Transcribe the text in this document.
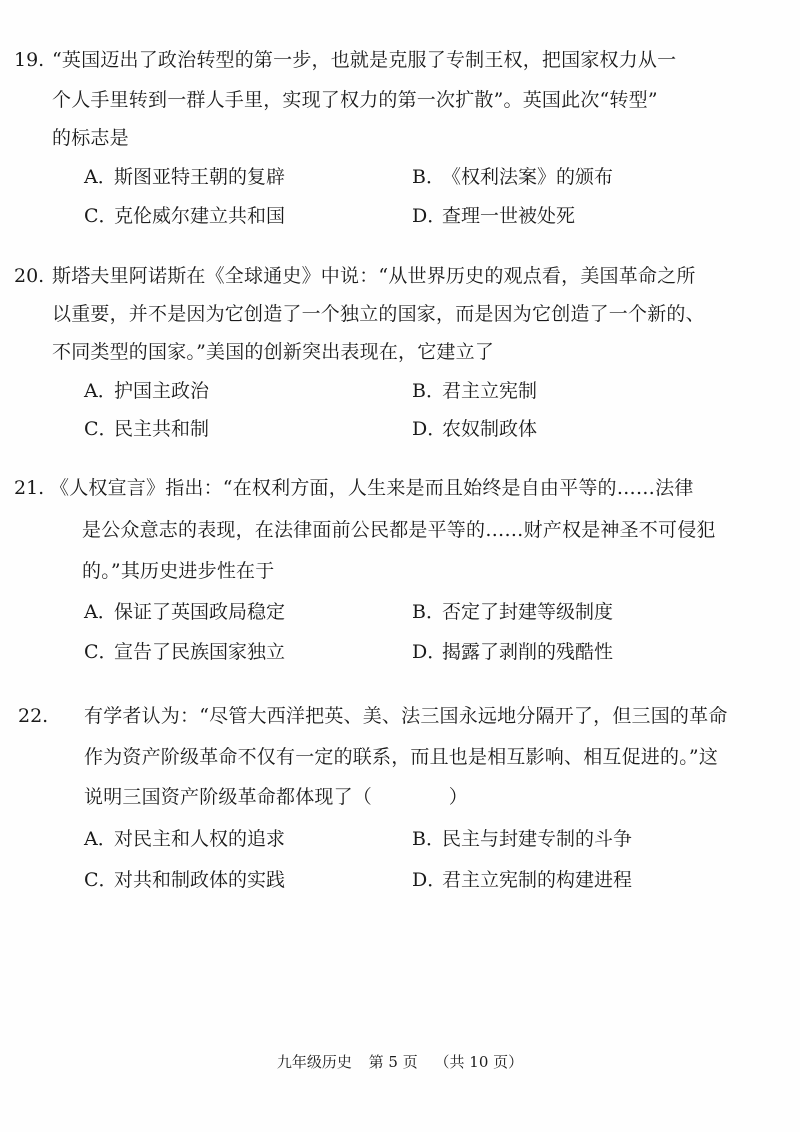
19. “英国迈出了政治转型的第一步，也就是克服了专制王权，把国家权力从一
个人手里转到一群人手里，实现了权力的第一次扩散”。英国此次“转型”
的标志是
A．斯图亚特王朝的复辟	B．《权利法案》的颁布
C．克伦威尔建立共和国	D．查理一世被处死
20. 斯塔夫里阿诺斯在《全球通史》中说：“从世界历史的观点看，美国革命之所
以重要，并不是因为它创造了一个独立的国家，而是因为它创造了一个新的、
不同类型的国家。”美国的创新突出表现在，它建立了
A．护国主政治	B．君主立宪制
C．民主共和制	D．农奴制政体
21. 《人权宣言》指出：“在权利方面，人生来是而且始终是自由平等的……法律
是公众意志的表现，在法律面前公民都是平等的……财产权是神圣不可侵犯
的。”其历史进步性在于
A．保证了英国政局稳定	B．否定了封建等级制度
C．宣告了民族国家独立	D．揭露了剥削的残酷性
22. 有学者认为：“尽管大西洋把英、美、法三国永远地分隔开了，但三国的革命
作为资产阶级革命不仅有一定的联系，而且也是相互影响、相互促进的。”这
说明三国资产阶级革命都体现了（　　　　）
A．对民主和人权的追求	B．民主与封建专制的斗争
C．对共和制政体的实践	D．君主立宪制的构建进程
九年级历史 第 5 页 （共 10 页）
